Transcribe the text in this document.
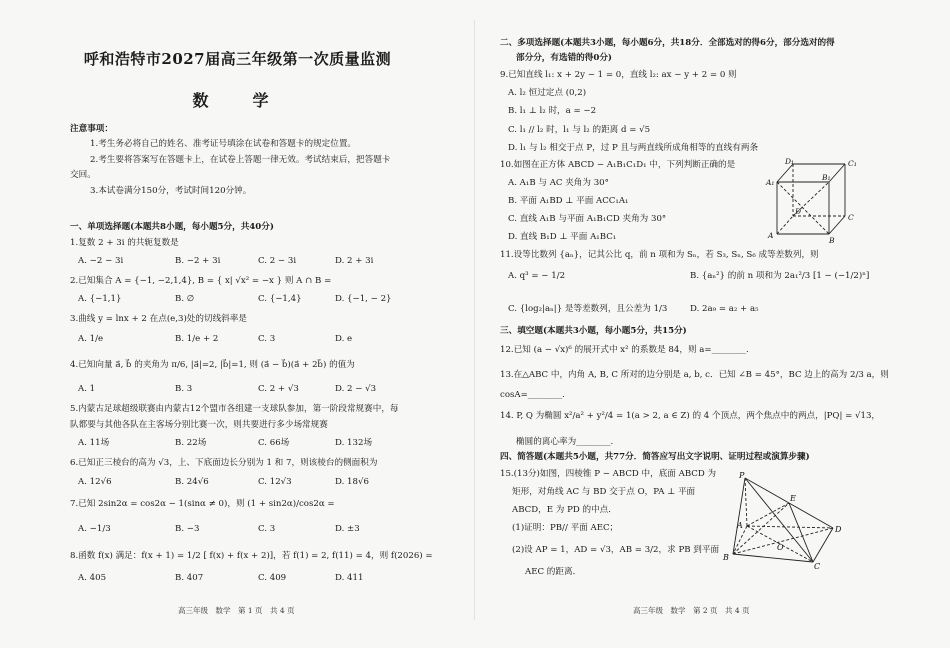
呼和浩特市2027届高三年级第一次质量监测
数　学
注意事项：
1.考生务必将自己的姓名、准考证号填涂在试卷和答题卡的规定位置。
2.考生要将答案写在答题卡上，在试卷上答题一律无效。考试结束后，把答题卡
交回。
3.本试卷满分150分，考试时间120分钟。
一、单项选择题(本题共8小题，每小题5分，共40分)
1.复数 2 + 3i 的共轭复数是
A. −2 − 3i	B. −2 + 3i	C. 2 − 3i	D. 2 + 3i
2.已知集合 A = {−1, −2,1,4}, B = { x| √x² = −x } 则 A ∩ B =
A. {−1,1}	B. ∅	C. {−1,4}	D. {−1, − 2}
3.曲线 y = lnx + 2 在点(e,3)处的切线斜率是
A. 1/e	B. 1/e + 2	C. 3	D. e
4.已知向量 a⃗, b⃗ 的夹角为 π/6, |a⃗|=2, |b⃗|=1, 则 (a⃗ − b⃗)(a⃗ + 2b⃗) 的值为
A. 1	B. 3	C. 2 + √3	D. 2 − √3
5.内蒙古足球超级联赛由内蒙古12个盟市各组建一支球队参加，第一阶段常规赛中，每
队都要与其他各队在主客场分别比赛一次，则共要进行多少场常规赛
A. 11场	B. 22场	C. 66场	D. 132场
6.已知正三棱台的高为 √3，上、下底面边长分别为 1 和 7，则该棱台的侧面积为
A. 12√6	B. 24√6	C. 12√3	D. 18√6
7.已知 2sin2α = cos2α − 1(sinα ≠ 0)，则 (1 + sin2α)/cos2α =
A. −1/3	B. −3	C. 3	D. ±3
8.函数 f(x) 满足：f(x + 1) = 1/2 [ f(x) + f(x + 2)]，若 f(1) = 2, f(11) = 4，则 f(2026) =
A. 405	B. 407	C. 409	D. 411
高三年级　数学　第 1 页　共 4 页
二、多项选择题(本题共3小题，每小题6分，共18分．全部选对的得6分，部分选对的得
部分分，有选错的得0分)
9.已知直线 l₁: x + 2y − 1 = 0，直线 l₂: ax − y + 2 = 0 则
A. l₂ 恒过定点 (0,2)
B. l₁ ⊥ l₂ 时，a = −2
C. l₁ // l₂ 时，l₁ 与 l₂ 的距离 d = √5
D. l₁ 与 l₂ 相交于点 P，过 P 且与两直线所成角相等的直线有两条
10.如图在正方体 ABCD − A₁B₁C₁D₁ 中，下列判断正确的是
A. A₁B 与 AC 夹角为 30°
B. 平面 A₁BD ⊥ 平面 ACC₁A₁
C. 直线 A₁B 与平面 A₁B₁CD 夹角为 30°
D. 直线 B₁D ⊥ 平面 A₁BC₁
D₁	C₁
A₁
B₁
D
C
A
B
11.设等比数列 {aₙ}，记其公比 q，前 n 项和为 Sₙ，若 S₃, Sₙ, S₆ 成等差数列，则
A. q³ = − 1/2	B. {aₙ²} 的前 n 项和为 2a₁²/3 [1 − (−1/2)ⁿ]
C. {log₂|aₙ|} 是等差数列，且公差为 1/3	D. 2a₉ = a₂ + a₅
三、填空题(本题共3小题，每小题5分，共15分)
12.已知 (a − √x)⁶ 的展开式中 x² 的系数是 84，则 a=________.
13.在△ABC 中，内角 A, B, C 所对的边分别是 a, b, c．已知 ∠B = 45°，BC 边上的高为 2/3 a，则
cosA=________.
14. P, Q 为椭圆 x²/a² + y²/4 = 1(a > 2, a ∈ Z) 的 4 个顶点，两个焦点中的两点，|PQ| = √13，
椭圆的离心率为________.
四、简答题(本题共5小题，共77分．简答应写出文字说明、证明过程或演算步骤)
15.(13分)如图，四棱锥 P − ABCD 中，底面 ABCD 为
矩形，对角线 AC 与 BD 交于点 O，PA ⊥ 平面
ABCD，E 为 PD 的中点．
(1)证明：PB// 平面 AEC；
(2)设 AP = 1，AD = √3，AB = 3/2，求 PB 到平面
AEC 的距离．
P
E
A	D
O
B
C
高三年级　数学　第 2 页　共 4 页
